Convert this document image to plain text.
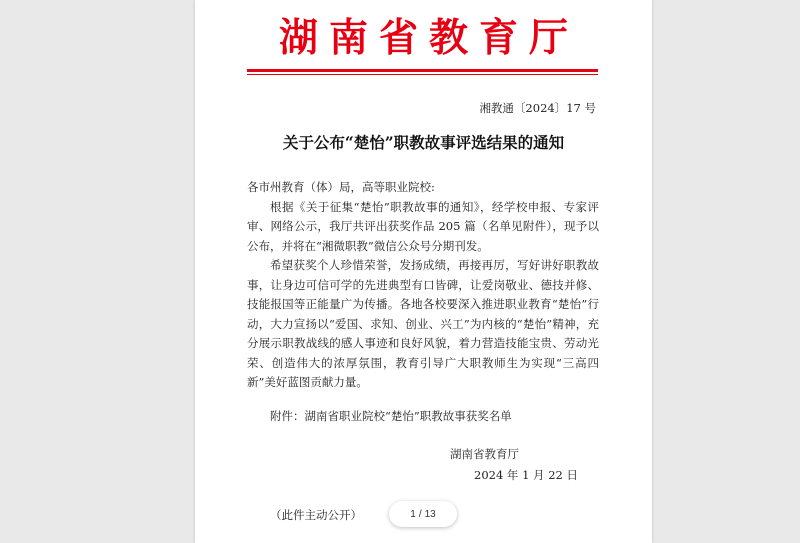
湖南省教育厅
湘教通〔2024〕17 号
关于公布“楚怡”职教故事评选结果的通知

各市州教育（体）局，高等职业院校:

根据《关于征集“楚怡”职教故事的通知》，经学校申报、专家评审、网络公示，我厅共评出获奖作品 205 篇（名单见附件），现予以公布，并将在“湘微职教”微信公众号分期刊发。

希望获奖个人珍惜荣誉，发扬成绩，再接再厉，写好讲好职教故事，让身边可信可学的先进典型有口皆碑，让爱岗敬业、德技并修、技能报国等正能量广为传播。各地各校要深入推进职业教育“楚怡”行动，大力宣扬以“爱国、求知、创业、兴工”为内核的“楚怡”精神，充分展示职教战线的感人事迹和良好风貌，着力营造技能宝贵、劳动光荣、创造伟大的浓厚氛围，教育引导广大职教师生为实现“三高四新”美好蓝图贡献力量。

附件：湖南省职业院校“楚怡”职教故事获奖名单
湖南省教育厅
2024 年 1 月 22 日
（此件主动公开）	1 / 13
